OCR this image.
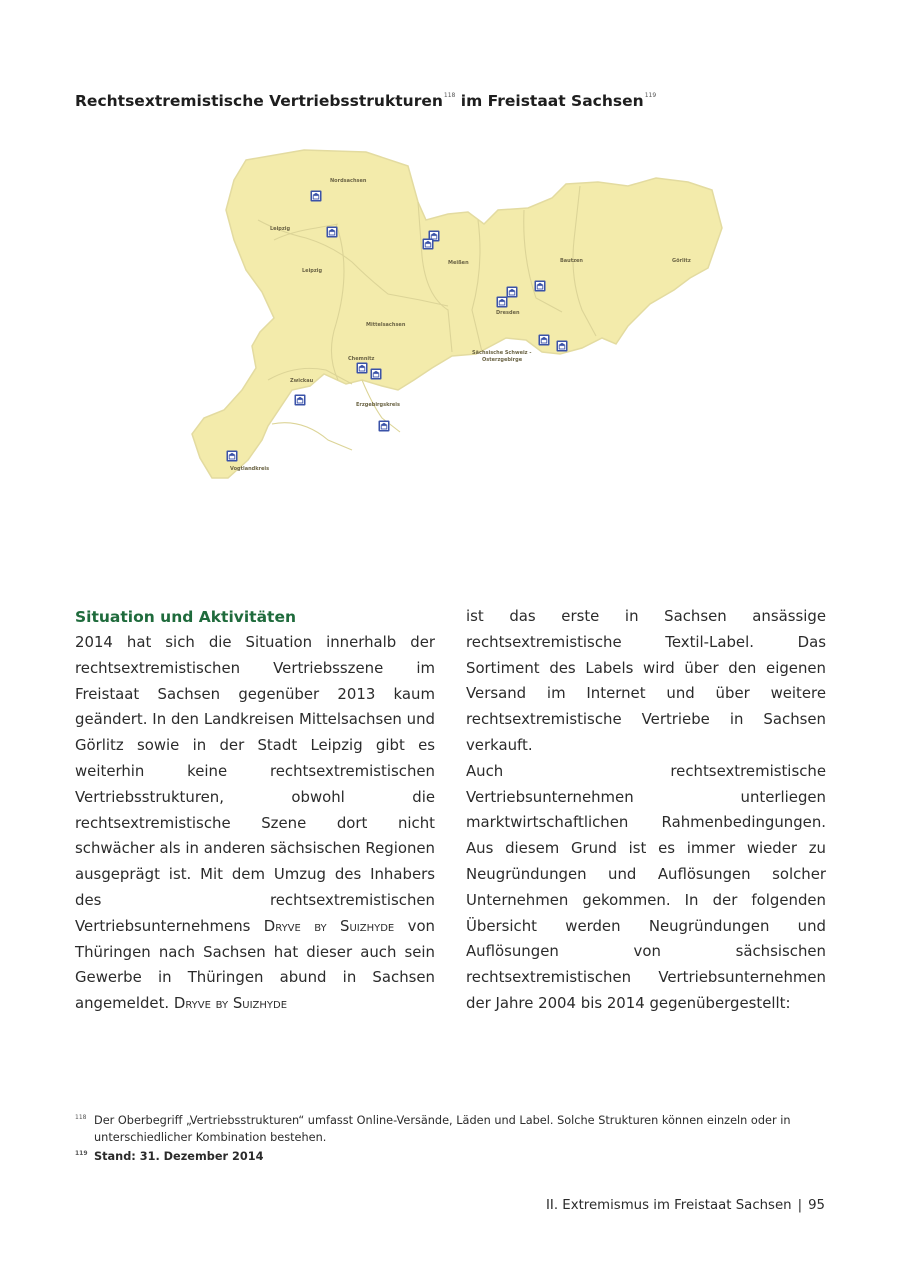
Rechtsextremistische Vertriebsstrukturen$^{118}$ im Freistaat Sachsen$^{119}$
Nordsachsen
Leipzig
Leipzig
Meißen	Bautzen	Görlitz
Dresden
Mittelsachsen
Chemnitz
Sächsische Schweiz -
Osterzgebirge
Zwickau
Erzgebirgskreis
Vogtlandkreis

Situation und Aktivitäten

2014 hat sich die Situation innerhalb der rechtsextremistischen Vertriebsszene im Freistaat Sachsen gegenüber 2013 kaum geändert. In den Landkreisen Mittelsachsen und Görlitz sowie in der Stadt Leipzig gibt es weiterhin keine rechtsextremistischen Vertriebsstrukturen, obwohl die rechtsextremistische Szene dort nicht schwächer als in anderen sächsischen Regionen ausgeprägt ist. Mit dem Umzug des Inhabers des rechtsextremistischen Vertriebsunternehmens Dryve by Suizhyde von Thüringen nach Sachsen hat dieser auch sein Gewerbe in Thüringen abund in Sachsen angemeldet. Dryve by Suizhyde

ist das erste in Sachsen ansässige rechtsextremistische Textil-Label. Das Sortiment des Labels wird über den eigenen Versand im Internet und über weitere rechtsextremistische Vertriebe in Sachsen verkauft.

Auch rechtsextremistische Vertriebsunternehmen unterliegen marktwirtschaftlichen Rahmenbedingungen. Aus diesem Grund ist es immer wieder zu Neugründungen und Auflösungen solcher Unternehmen gekommen. In der folgenden Übersicht werden Neugründungen und Auflösungen von sächsischen rechtsextremistischen Vertriebsunternehmen der Jahre 2004 bis 2014 gegenübergestellt:

118 Der Oberbegriff „Vertriebsstrukturen“ umfasst Online-Versände, Läden und Label. Solche Strukturen können einzeln oder in unterschiedlicher Kombination bestehen.
119 Stand: 31. Dezember 2014
II. Extremismus im Freistaat Sachsen | 95
